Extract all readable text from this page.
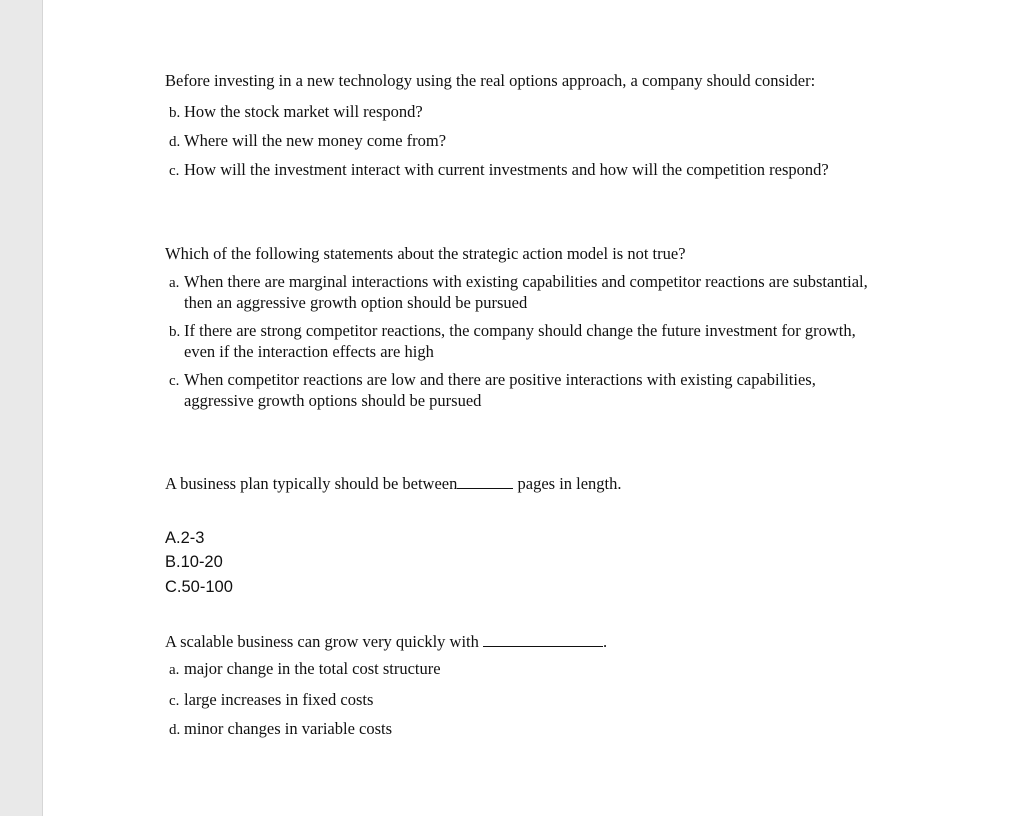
Before investing in a new technology using the real options approach, a company should consider:
b. How the stock market will respond?
d. Where will the new money come from?
c. How will the investment interact with current investments and how will the competition respond?
Which of the following statements about the strategic action model is not true?
a. When there are marginal interactions with existing capabilities and competitor reactions are substantial,
then an aggressive growth option should be pursued
b. If there are strong competitor reactions, the company should change the future investment for growth,
even if the interaction effects are high
c. When competitor reactions are low and there are positive interactions with existing capabilities,
aggressive growth options should be pursued
A business plan typically should be between	pages in length.
A.2-3
B.10-20
C.50-100
A scalable business can grow very quickly with	.
a. major change in the total cost structure
c. large increases in fixed costs
d. minor changes in variable costs
